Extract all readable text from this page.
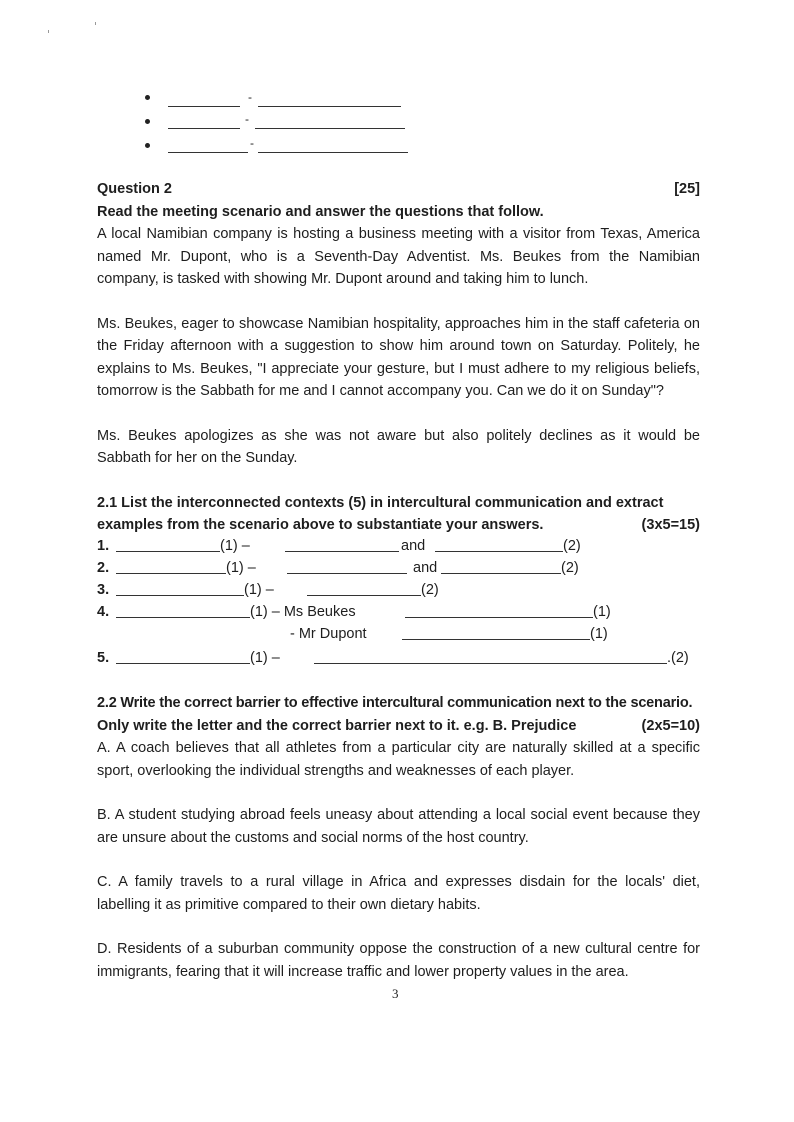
-
-
-
Question 2	[25]

Read the meeting scenario and answer the questions that follow.

A local Namibian company is hosting a business meeting with a visitor from Texas, America named Mr. Dupont, who is a Seventh-Day Adventist. Ms. Beukes from the Namibian company, is tasked with showing Mr. Dupont around and taking him to lunch.

Ms. Beukes, eager to showcase Namibian hospitality, approaches him in the staff cafeteria on the Friday afternoon with a suggestion to show him around town on Saturday. Politely, he explains to Ms. Beukes, "I appreciate your gesture, but I must adhere to my religious beliefs, tomorrow is the Sabbath for me and I cannot accompany you. Can we do it on Sunday"?

Ms. Beukes apologizes as she was not aware but also politely declines as it would be Sabbath for her on the Sunday.

2.1 List the interconnected contexts (5) in intercultural communication and extract

examples from the scenario above to substantiate your answers.	(3x5=15)
1.	(1) –	and	(2)
2.	(1) –	and	(2)
3.	(1) –	(2)
4.	(1) – Ms Beukes	(1)
- Mr Dupont	(1)
5.	(1) –	.(2)

2.2 Write the correct barrier to effective intercultural communication next to the scenario.

Only write the letter and the correct barrier next to it. e.g. B. Prejudice	(2x5=10)

A. A coach believes that all athletes from a particular city are naturally skilled at a specific sport, overlooking the individual strengths and weaknesses of each player.

B. A student studying abroad feels uneasy about attending a local social event because they are unsure about the customs and social norms of the host country.

C. A family travels to a rural village in Africa and expresses disdain for the locals' diet, labelling it as primitive compared to their own dietary habits.

D. Residents of a suburban community oppose the construction of a new cultural centre for immigrants, fearing that it will increase traffic and lower property values in the area.

3
